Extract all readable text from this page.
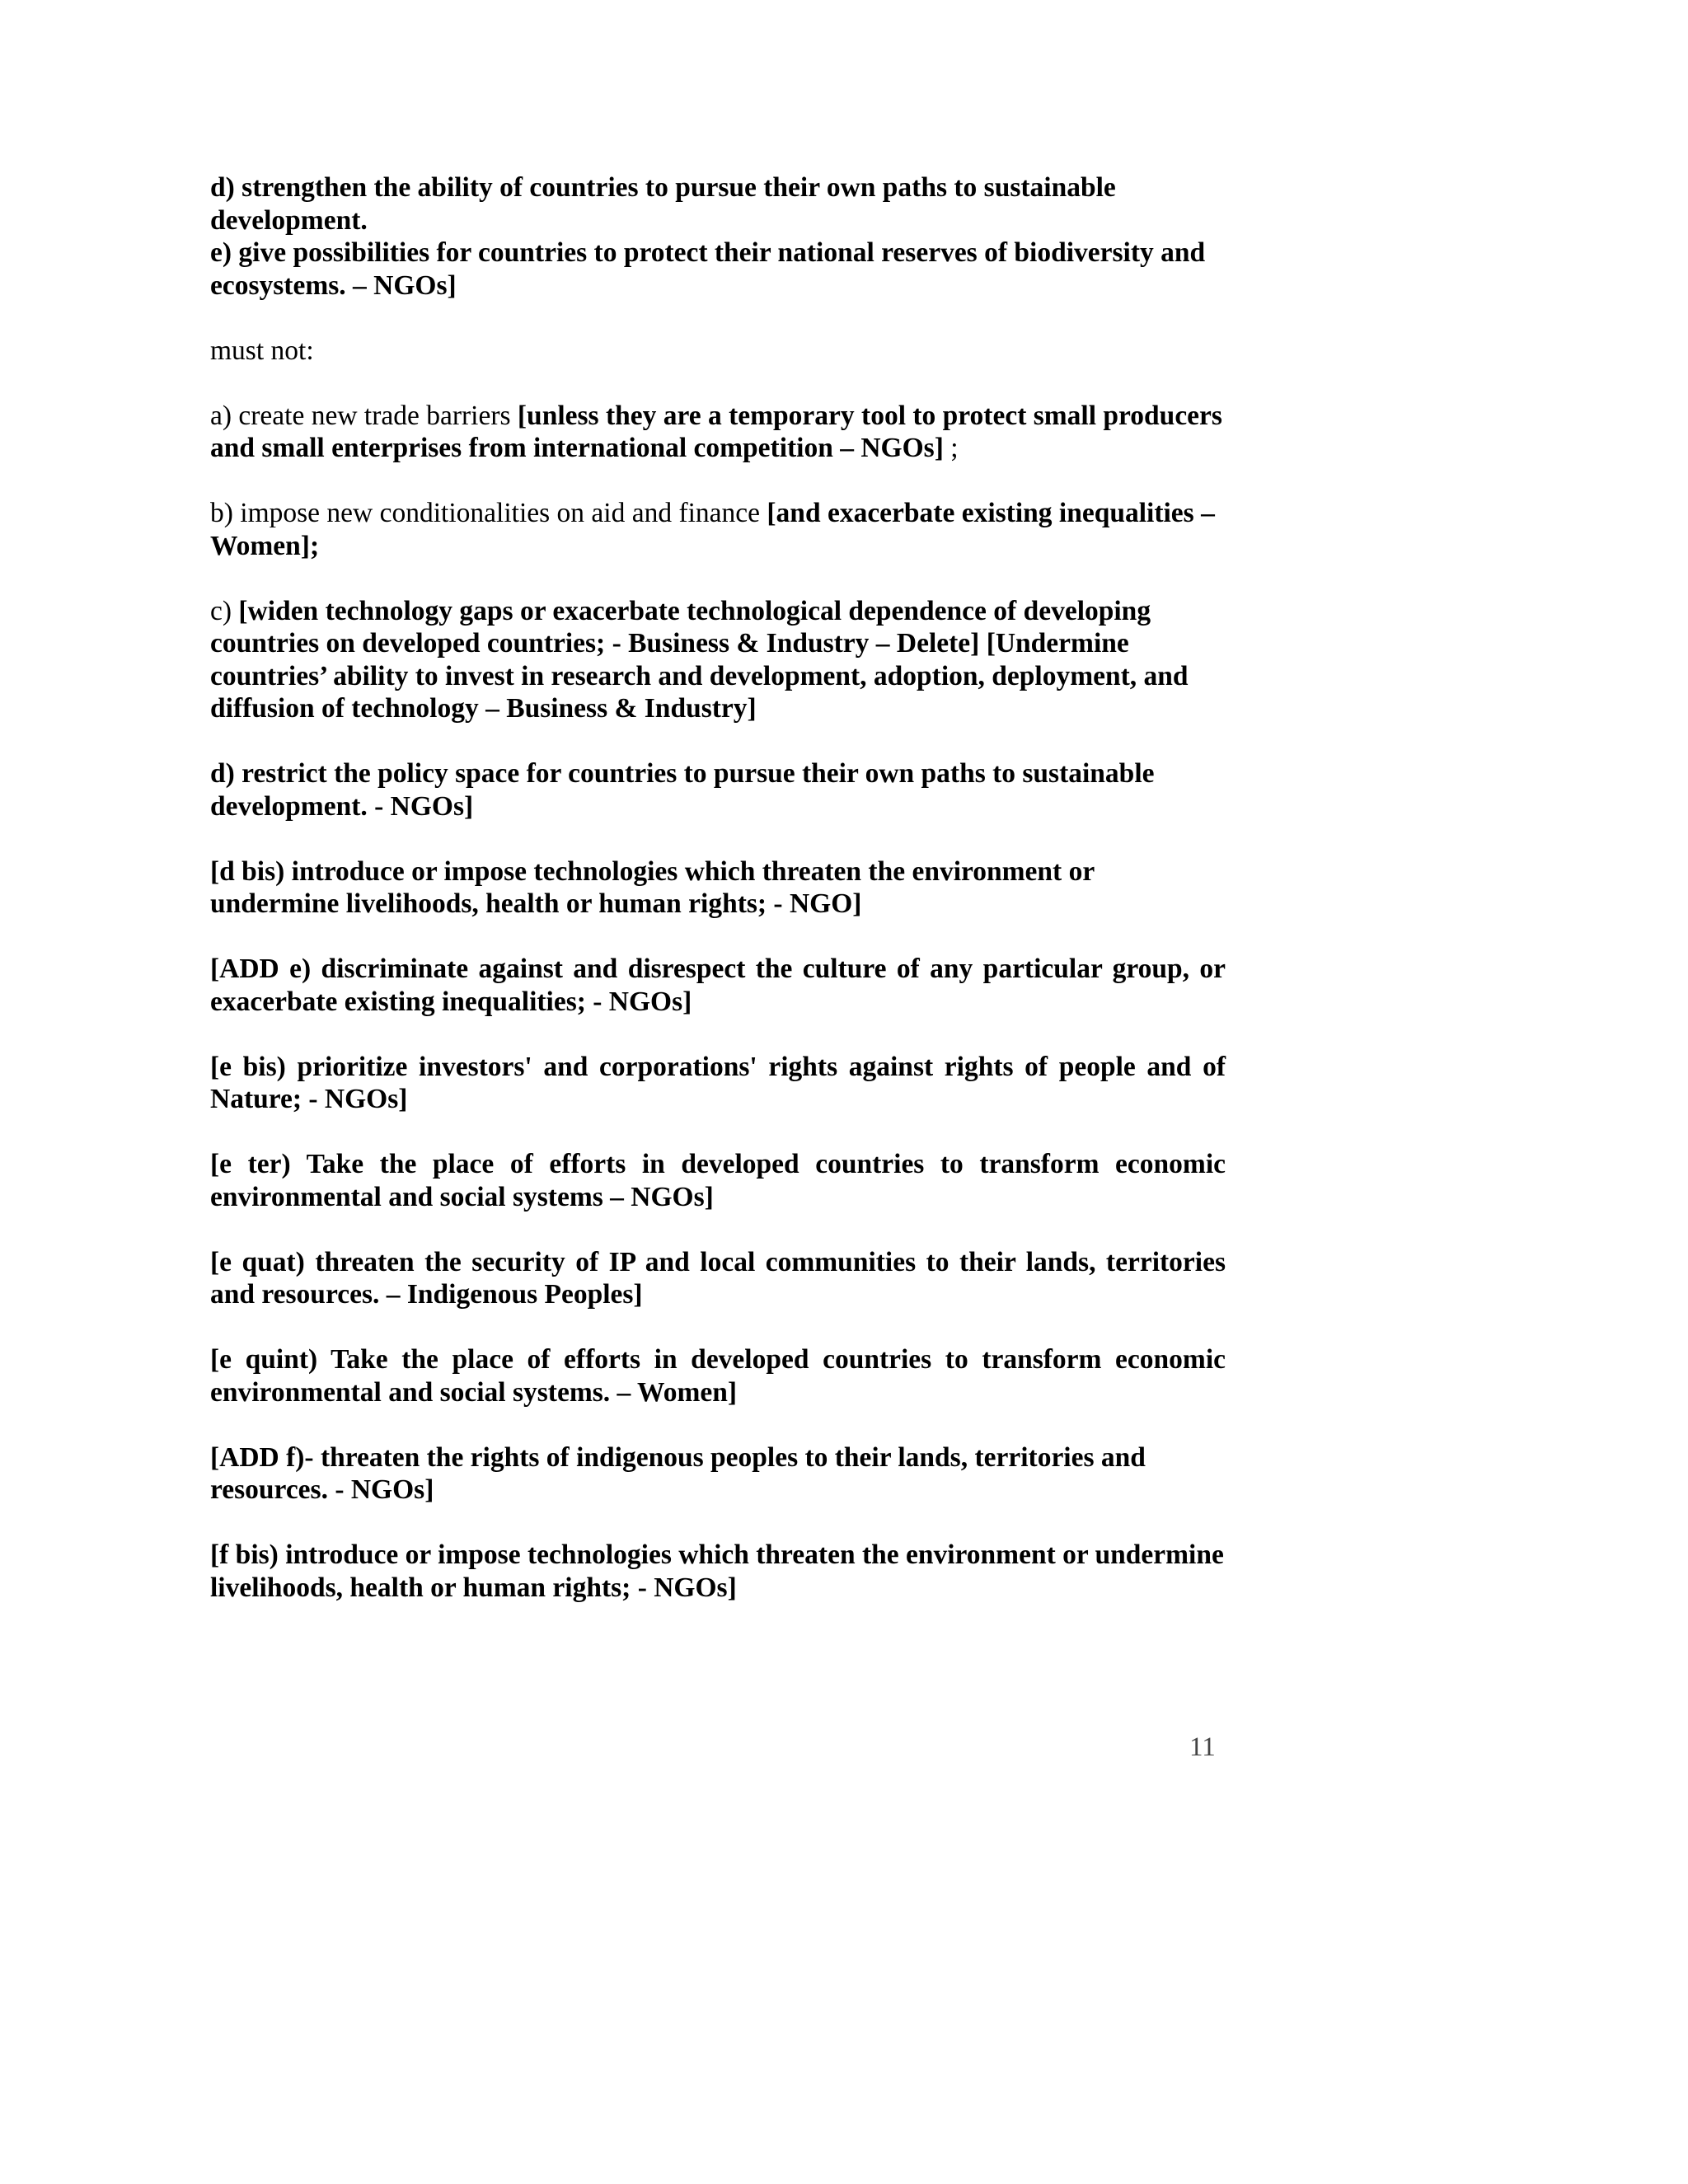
d) strengthen the ability of countries to pursue their own paths to sustainable development.

e) give possibilities for countries to protect their national reserves of biodiversity and ecosystems. – NGOs]

must not:

a) create new trade barriers [unless they are a temporary tool to protect small producers and small enterprises from international competition – NGOs] ;

b) impose new conditionalities on aid and finance [and exacerbate existing inequalities – Women];

c) [widen technology gaps or exacerbate technological dependence of developing countries on developed countries; - Business & Industry – Delete] [Undermine countries’ ability to invest in research and development, adoption, deployment, and diffusion of technology – Business & Industry]

d) restrict the policy space for countries to pursue their own paths to sustainable development. - NGOs]

[d bis) introduce or impose technologies which threaten the environment or undermine livelihoods, health or human rights; - NGO]

[ADD e) discriminate against and disrespect the culture of any particular group, or exacerbate existing inequalities; - NGOs]

[e bis) prioritize investors' and corporations' rights against rights of people and of Nature; - NGOs]

[e ter) Take the place of efforts in developed countries to transform economic environmental and social systems – NGOs]

[e quat) threaten the security of IP and local communities to their lands, territories and resources. – Indigenous Peoples]

[e quint) Take the place of efforts in developed countries to transform economic environmental and social systems. – Women]

[ADD f)- threaten the rights of indigenous peoples to their lands, territories and resources. - NGOs]

[f bis) introduce or impose technologies which threaten the environment or undermine livelihoods, health or human rights; - NGOs]

11
